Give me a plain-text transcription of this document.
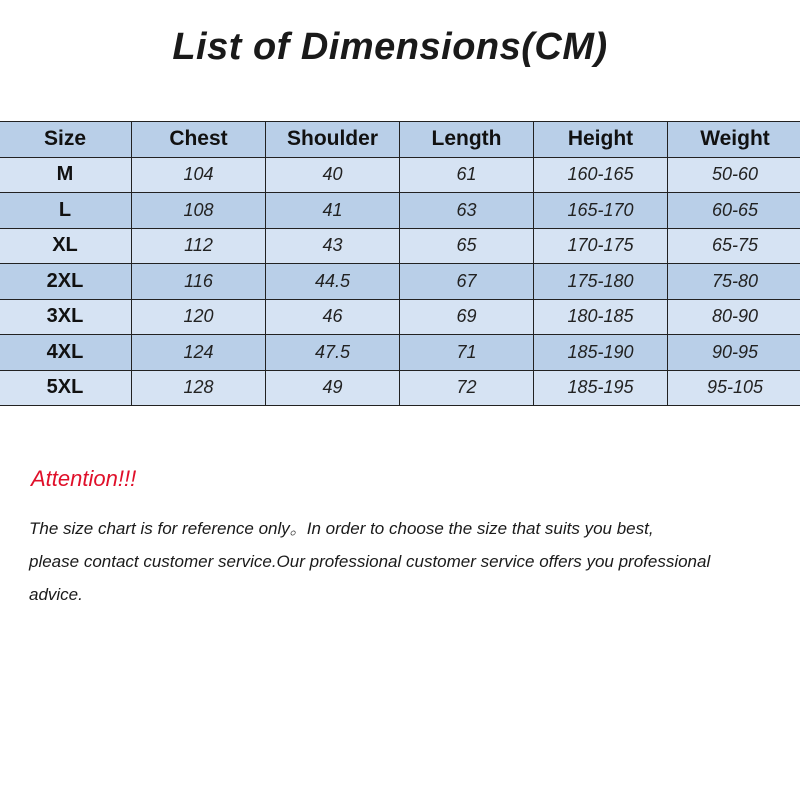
List of Dimensions(CM)
Size	Chest	Shoulder	Length	Height	Weight
M	104	40	61	160-165	50-60
L	108	41	63	165-170	60-65
XL	112	43	65	170-175	65-75
2XL	116	44.5	67	175-180	75-80
3XL	120	46	69	180-185	80-90
4XL	124	47.5	71	185-190	90-95
5XL	128	49	72	185-195	95-105
Attention!!!
The size chart is for reference only。In order to choose the size that suits you best,
please contact customer service.Our professional customer service offers you professional
advice.
